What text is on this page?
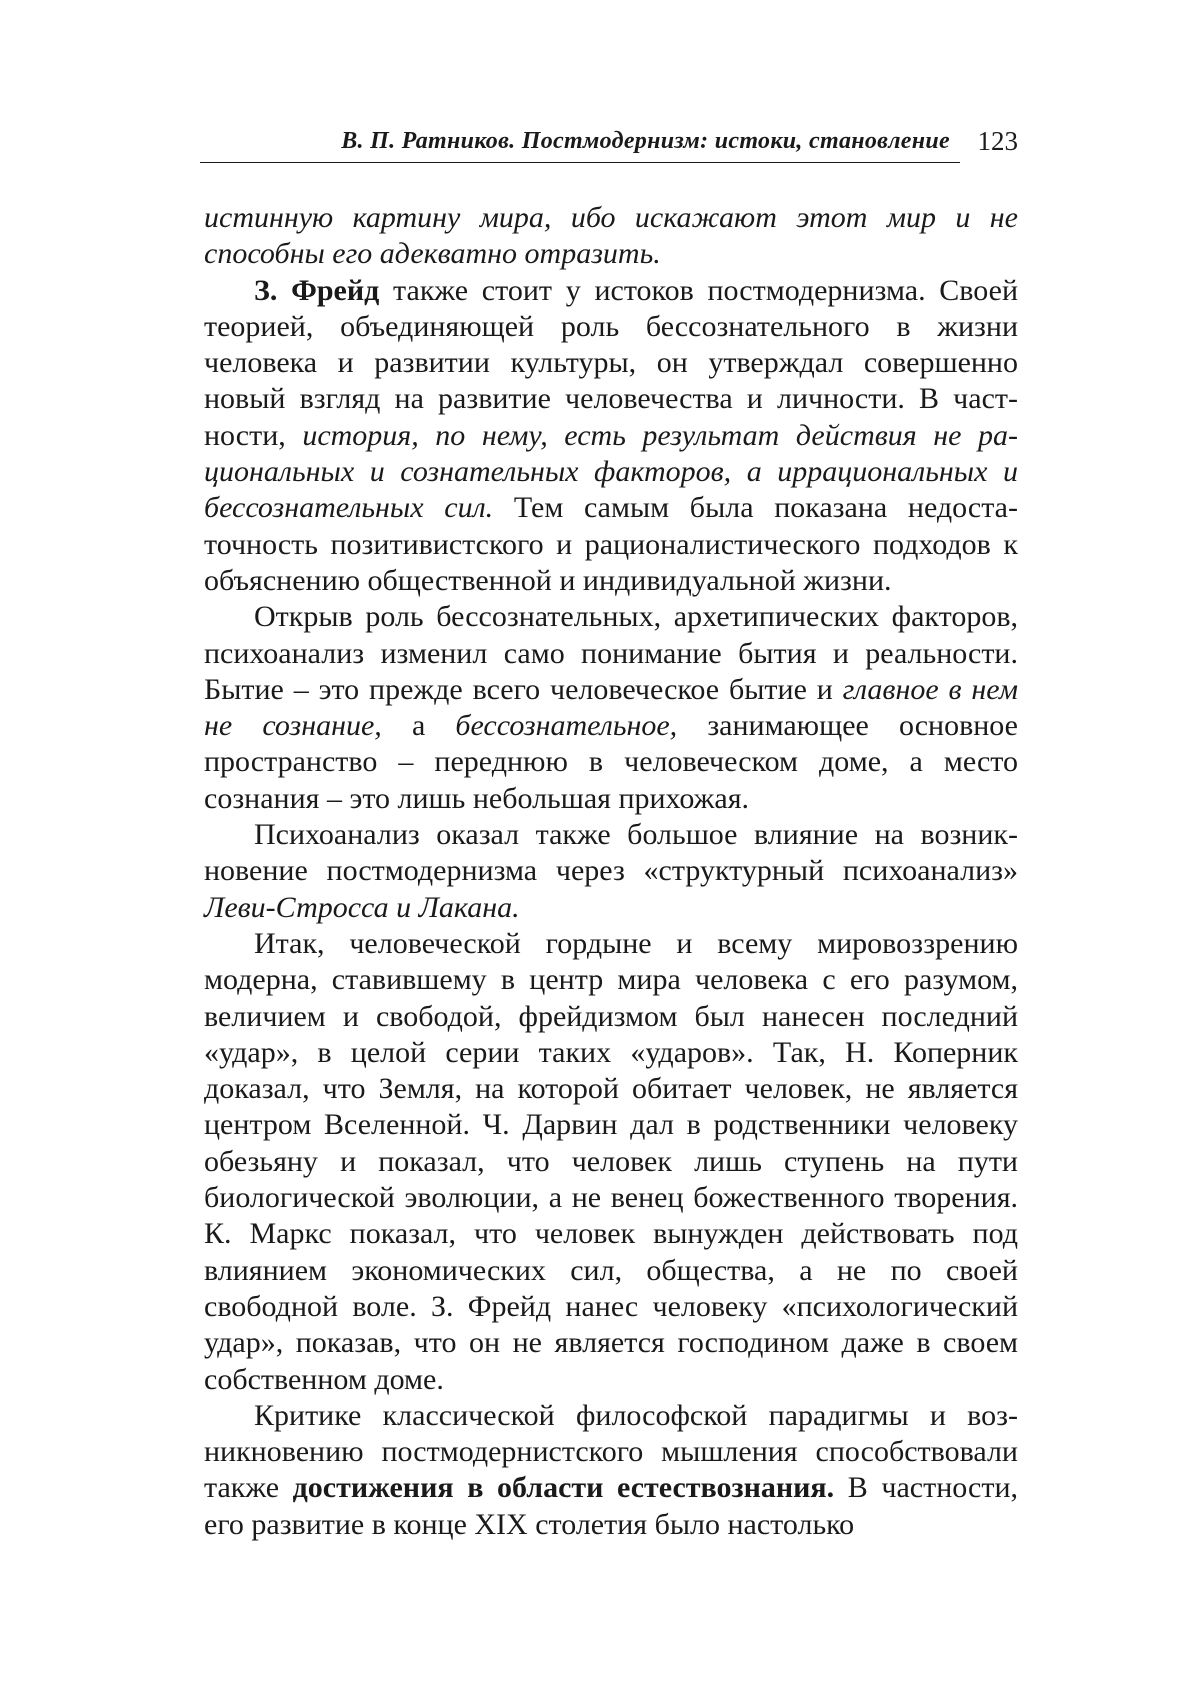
В. П. Ратников. Постмодернизм: истоки, становление 123

истинную картину мира, ибо искажают этот мир и не способны его адекватно отразить.

З. Фрейд также стоит у истоков постмодернизма. Своей теорией, объединяющей роль бессознательного в жизни человека и развитии культуры, он утверждал совершенно новый взгляд на развитие человечества и личности. В частности, история, по нему, есть результат действия не рациональных и сознательных факторов, а иррациональных и бессознательных сил. Тем самым была показана недостаточность позитивистского и рационалистического подходов к объяснению общественной и индивидуальной жизни.

Открыв роль бессознательных, архетипических факторов, психоанализ изменил само понимание бытия и реальности. Бытие – это прежде всего человеческое бытие и главное в нем не сознание, а бессознательное, занимающее основное пространство – переднюю в человеческом доме, а место сознания – это лишь небольшая прихожая.

Психоанализ оказал также большое влияние на возникновение постмодернизма через «структурный психоанализ» Леви-Стросса и Лакана.

Итак, человеческой гордыне и всему мировоззрению модерна, ставившему в центр мира человека с его разумом, величием и свободой, фрейдизмом был нанесен последний «удар», в целой серии таких «ударов». Так, Н. Коперник доказал, что Земля, на которой обитает человек, не является центром Вселенной. Ч. Дарвин дал в родственники человеку обезьяну и показал, что человек лишь ступень на пути биологической эволюции, а не венец божественного творения. К. Маркс показал, что человек вынужден действовать под влиянием экономических сил, общества, а не по своей свободной воле. З. Фрейд нанес человеку «психологический удар», показав, что он не является господином даже в своем собственном доме.

Критике классической философской парадигмы и возникновению постмодернистского мышления способствовали также достижения в области естествознания. В частности, его развитие в конце XIX столетия было настолько
